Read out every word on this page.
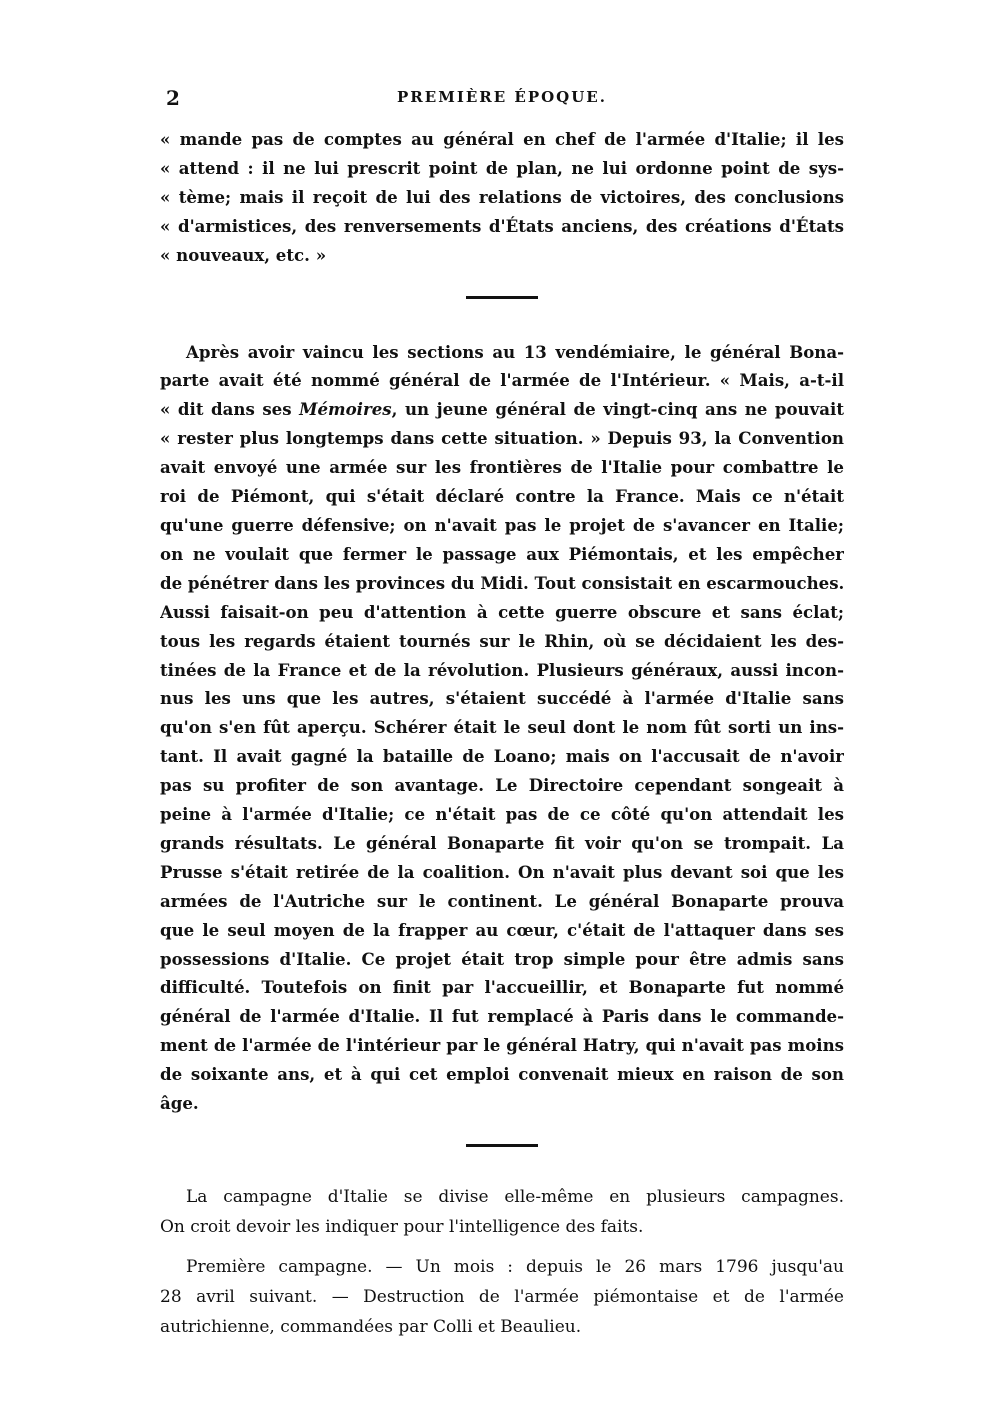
2	PREMIÈRE ÉPOQUE.
« mande pas de comptes au général en chef de l'armée d'Italie; il les
« attend : il ne lui prescrit point de plan, ne lui ordonne point de sys-
« tème; mais il reçoit de lui des relations de victoires, des conclusions
« d'armistices, des renversements d'États anciens, des créations d'États
« nouveaux, etc. »
Après avoir vaincu les sections au 13 vendémiaire, le général Bona-
parte avait été nommé général de l'armée de l'Intérieur. « Mais, a-t-il
« dit dans ses Mémoires, un jeune général de vingt-cinq ans ne pouvait
« rester plus longtemps dans cette situation. » Depuis 93, la Convention
avait envoyé une armée sur les frontières de l'Italie pour combattre le
roi de Piémont, qui s'était déclaré contre la France. Mais ce n'était
qu'une guerre défensive; on n'avait pas le projet de s'avancer en Italie;
on ne voulait que fermer le passage aux Piémontais, et les empêcher
de pénétrer dans les provinces du Midi. Tout consistait en escarmouches.
Aussi faisait-on peu d'attention à cette guerre obscure et sans éclat;
tous les regards étaient tournés sur le Rhin, où se décidaient les des-
tinées de la France et de la révolution. Plusieurs généraux, aussi incon-
nus les uns que les autres, s'étaient succédé à l'armée d'Italie sans
qu'on s'en fût aperçu. Schérer était le seul dont le nom fût sorti un ins-
tant. Il avait gagné la bataille de Loano; mais on l'accusait de n'avoir
pas su profiter de son avantage. Le Directoire cependant songeait à
peine à l'armée d'Italie; ce n'était pas de ce côté qu'on attendait les
grands résultats. Le général Bonaparte fit voir qu'on se trompait. La
Prusse s'était retirée de la coalition. On n'avait plus devant soi que les
armées de l'Autriche sur le continent. Le général Bonaparte prouva
que le seul moyen de la frapper au cœur, c'était de l'attaquer dans ses
possessions d'Italie. Ce projet était trop simple pour être admis sans
difficulté. Toutefois on finit par l'accueillir, et Bonaparte fut nommé
général de l'armée d'Italie. Il fut remplacé à Paris dans le commande-
ment de l'armée de l'intérieur par le général Hatry, qui n'avait pas moins
de soixante ans, et à qui cet emploi convenait mieux en raison de son
âge.
La campagne d'Italie se divise elle-même en plusieurs campagnes.
On croit devoir les indiquer pour l'intelligence des faits.
Première campagne. — Un mois : depuis le 26 mars 1796 jusqu'au
28 avril suivant. — Destruction de l'armée piémontaise et de l'armée
autrichienne, commandées par Colli et Beaulieu.
